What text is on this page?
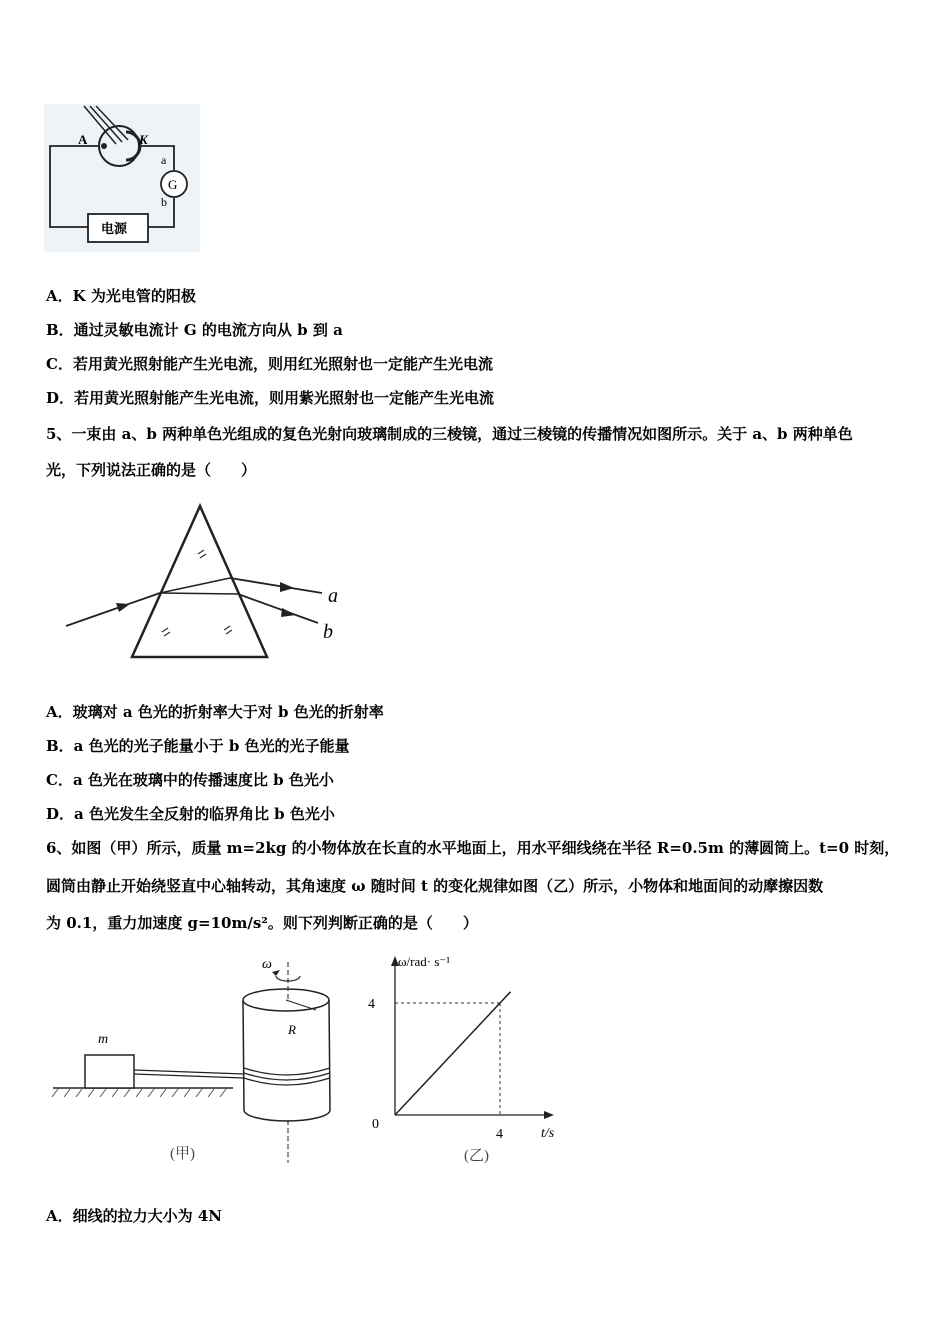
A	K
a
b
G
电源
A．K 为光电管的阳极
B．通过灵敏电流计 G 的电流方向从 b 到 a
C．若用黄光照射能产生光电流，则用红光照射也一定能产生光电流
D．若用黄光照射能产生光电流，则用紫光照射也一定能产生光电流
5、一束由 a、b 两种单色光组成的复色光射向玻璃制成的三棱镜，通过三棱镜的传播情况如图所示。关于 a、b 两种单色
光，下列说法正确的是（　　）
a
b
A．玻璃对 a 色光的折射率大于对 b 色光的折射率
B．a 色光的光子能量小于 b 色光的光子能量
C．a 色光在玻璃中的传播速度比 b 色光小
D．a 色光发生全反射的临界角比 b 色光小
6、如图（甲）所示，质量 m=2kg 的小物体放在长直的水平地面上，用水平细线绕在半径 R=0.5m 的薄圆筒上。t=0 时刻，
圆筒由静止开始绕竖直中心轴转动，其角速度 ω 随时间 t 的变化规律如图（乙）所示，小物体和地面间的动摩擦因数
为 0.1，重力加速度 g=10m/s²。则下列判断正确的是（　　）
m
R
ω
(甲)
ω/rad· s⁻¹
t/s
4
4
0
(乙)
A．细线的拉力大小为 4N
